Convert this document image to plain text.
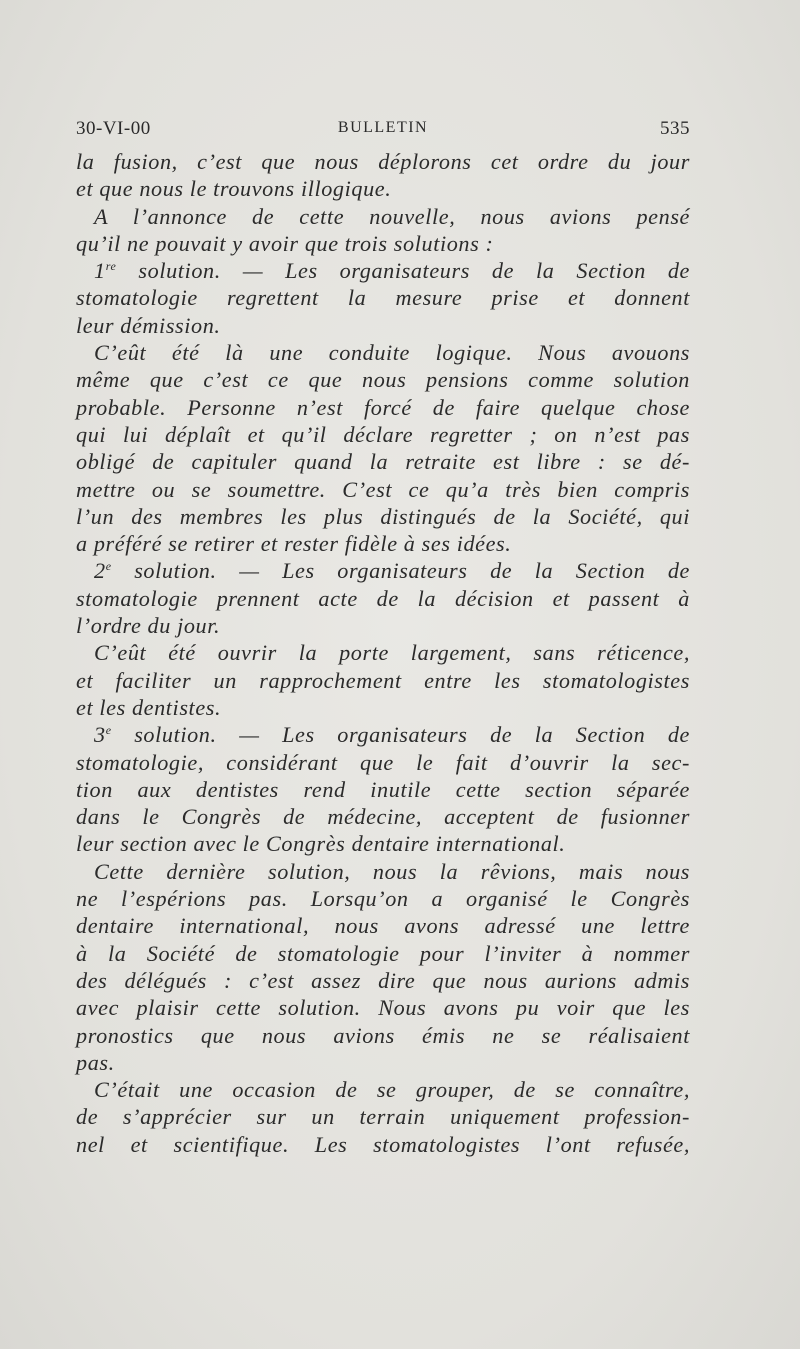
30-VI-00	BULLETIN	535
la fusion, c’est que nous déplorons cet ordre du jour
et que nous le trouvons illogique.
A l’annonce de cette nouvelle, nous avions pensé
qu’il ne pouvait y avoir que trois solutions :
1re solution. — Les organisateurs de la Section de
stomatologie regrettent la mesure prise et donnent
leur démission.
C’eût été là une conduite logique. Nous avouons
même que c’est ce que nous pensions comme solution
probable. Personne n’est forcé de faire quelque chose
qui lui déplaît et qu’il déclare regretter ; on n’est pas
obligé de capituler quand la retraite est libre : se dé-
mettre ou se soumettre. C’est ce qu’a très bien compris
l’un des membres les plus distingués de la Société, qui
a préféré se retirer et rester fidèle à ses idées.
2e solution. — Les organisateurs de la Section de
stomatologie prennent acte de la décision et passent à
l’ordre du jour.
C’eût été ouvrir la porte largement, sans réticence,
et faciliter un rapprochement entre les stomatologistes
et les dentistes.
3e solution. — Les organisateurs de la Section de
stomatologie, considérant que le fait d’ouvrir la sec-
tion aux dentistes rend inutile cette section séparée
dans le Congrès de médecine, acceptent de fusionner
leur section avec le Congrès dentaire international.
Cette dernière solution, nous la rêvions, mais nous
ne l’espérions pas. Lorsqu’on a organisé le Congrès
dentaire international, nous avons adressé une lettre
à la Société de stomatologie pour l’inviter à nommer
des délégués : c’est assez dire que nous aurions admis
avec plaisir cette solution. Nous avons pu voir que les
pronostics que nous avions émis ne se réalisaient
pas.
C’était une occasion de se grouper, de se connaître,
de s’apprécier sur un terrain uniquement profession-
nel et scientifique. Les stomatologistes l’ont refusée,
